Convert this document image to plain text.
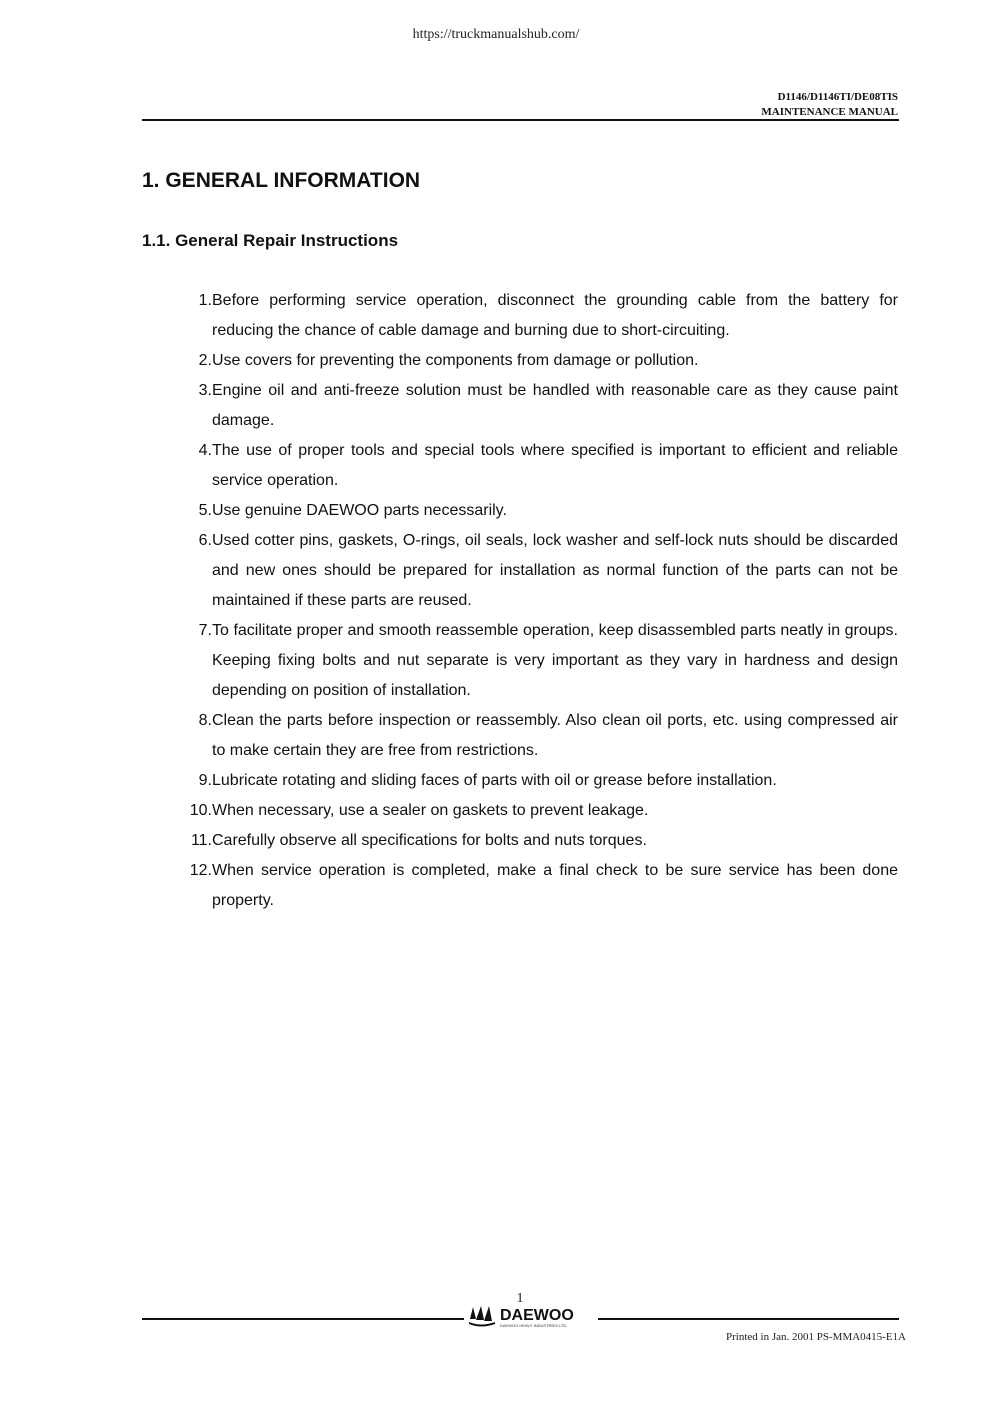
https://truckmanualshub.com/
D1146/D1146TI/DE08TIS
MAINTENANCE MANUAL
1. GENERAL INFORMATION
1.1. General Repair Instructions
1. Before performing service operation, disconnect the grounding cable from the battery for reducing the chance of cable damage and burning due to short-circuiting.
2. Use covers for preventing the components from damage or pollution.
3. Engine oil and anti-freeze solution must be handled with reasonable care as they cause paint damage.
4. The use of proper tools and special tools where specified is important to efficient and reliable service operation.
5. Use genuine DAEWOO parts necessarily.
6. Used cotter pins, gaskets, O-rings, oil seals, lock washer and self-lock nuts should be discarded and new ones should be prepared for installation as normal function of the parts can not be maintained if these parts are reused.
7. To facilitate proper and smooth reassemble operation, keep disassembled parts neatly in groups. Keeping fixing bolts and nut separate is very important as they vary in hardness and design depending on position of installation.
8. Clean the parts before inspection or reassembly. Also clean oil ports, etc. using compressed air to make certain they are free from restrictions.
9. Lubricate rotating and sliding faces of parts with oil or grease before installation.
10. When necessary, use a sealer on gaskets to prevent leakage.
11. Carefully observe all specifications for bolts and nuts torques.
12. When service operation is completed, make a final check to be sure service has been done property.
1
DAEWOO
DAEWOO HEAVY INDUSTRIES LTD.
Printed in Jan. 2001 PS-MMA0415-E1A
